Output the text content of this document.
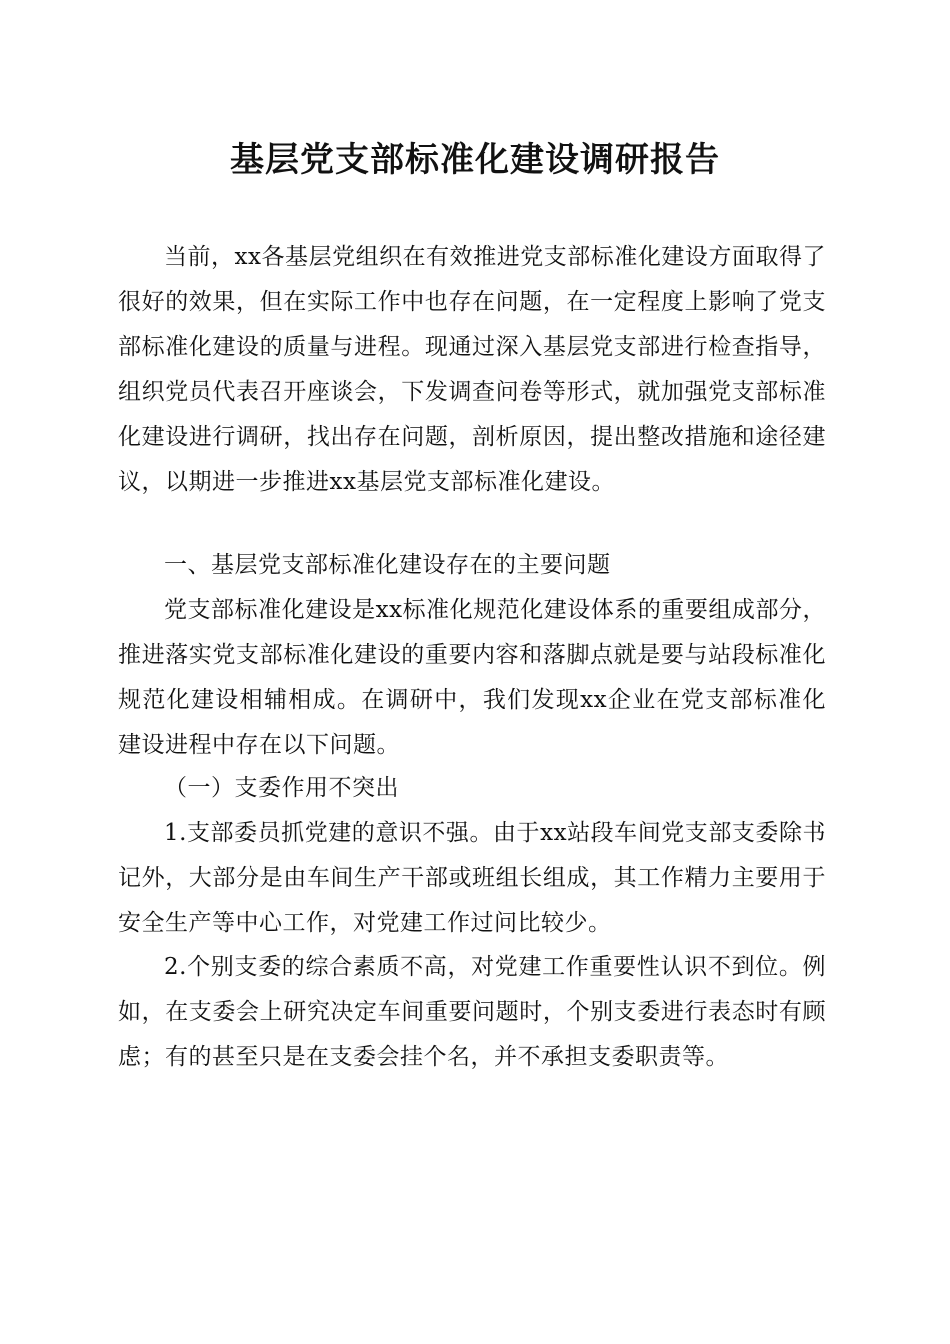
基层党支部标准化建设调研报告

当前，xx各基层党组织在有效推进党支部标准化建设方面取得了很好的效果，但在实际工作中也存在问题，在一定程度上影响了党支部标准化建设的质量与进程。现通过深入基层党支部进行检查指导，组织党员代表召开座谈会，下发调查问卷等形式，就加强党支部标准化建设进行调研，找出存在问题，剖析原因，提出整改措施和途径建议，以期进一步推进xx基层党支部标准化建设。

一、基层党支部标准化建设存在的主要问题

党支部标准化建设是xx标准化规范化建设体系的重要组成部分，推进落实党支部标准化建设的重要内容和落脚点就是要与站段标准化规范化建设相辅相成。在调研中，我们发现xx企业在党支部标准化建设进程中存在以下问题。

（一）支委作用不突出

1.支部委员抓党建的意识不强。由于xx站段车间党支部支委除书记外，大部分是由车间生产干部或班组长组成，其工作精力主要用于安全生产等中心工作，对党建工作过问比较少。

2.个别支委的综合素质不高，对党建工作重要性认识不到位。例如，在支委会上研究决定车间重要问题时，个别支委进行表态时有顾虑；有的甚至只是在支委会挂个名，并不承担支委职责等。
